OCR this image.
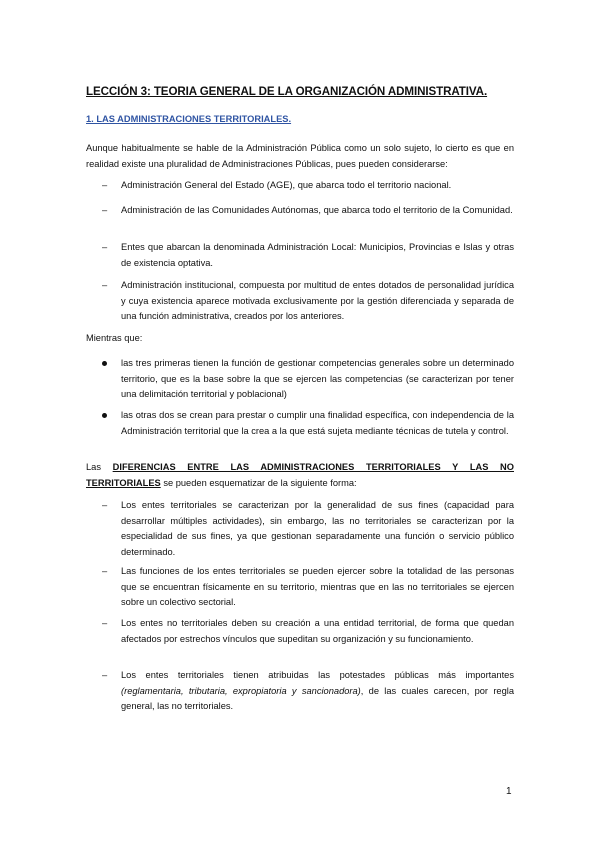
LECCIÓN 3: TEORIA GENERAL DE LA ORGANIZACIÓN ADMINISTRATIVA.
1. LAS ADMINISTRACIONES TERRITORIALES.
Aunque habitualmente se hable de la Administración Pública como un solo sujeto, lo cierto es que en realidad existe una pluralidad de Administraciones Públicas, pues pueden considerarse:
–	Administración General del Estado (AGE), que abarca todo el territorio nacional.
–	Administración de las Comunidades Autónomas, que abarca todo el territorio de la Comunidad.
–	Entes que abarcan la denominada Administración Local: Municipios, Provincias e Islas y otras de existencia optativa.
–	Administración institucional, compuesta por multitud de entes dotados de personalidad jurídica y cuya existencia aparece motivada exclusivamente por la gestión diferenciada y separada de una función administrativa, creados por los anteriores.
Mientras que:
las tres primeras tienen la función de gestionar competencias generales sobre un determinado territorio, que es la base sobre la que se ejercen las competencias (se caracterizan por tener una delimitación territorial y poblacional)
las otras dos se crean para prestar o cumplir una finalidad específica, con independencia de la Administración territorial que la crea a la que está sujeta mediante técnicas de tutela y control.
Las DIFERENCIAS ENTRE LAS ADMINISTRACIONES TERRITORIALES Y LAS NO TERRITORIALES se pueden esquematizar de la siguiente forma:
–	Los entes territoriales se caracterizan por la generalidad de sus fines (capacidad para desarrollar múltiples actividades), sin embargo, las no territoriales se caracterizan por la especialidad de sus fines, ya que gestionan separadamente una función o servicio público determinado.
–	Las funciones de los entes territoriales se pueden ejercer sobre la totalidad de las personas que se encuentran físicamente en su territorio, mientras que en las no territoriales se ejercen sobre un colectivo sectorial.
–	Los entes no territoriales deben su creación a una entidad territorial, de forma que quedan afectados por estrechos vínculos que supeditan su organización y su funcionamiento.
–	Los entes territoriales tienen atribuidas las potestades públicas más importantes (reglamentaria, tributaria, expropiatoria y sancionadora), de las cuales carecen, por regla general, las no territoriales.
1
